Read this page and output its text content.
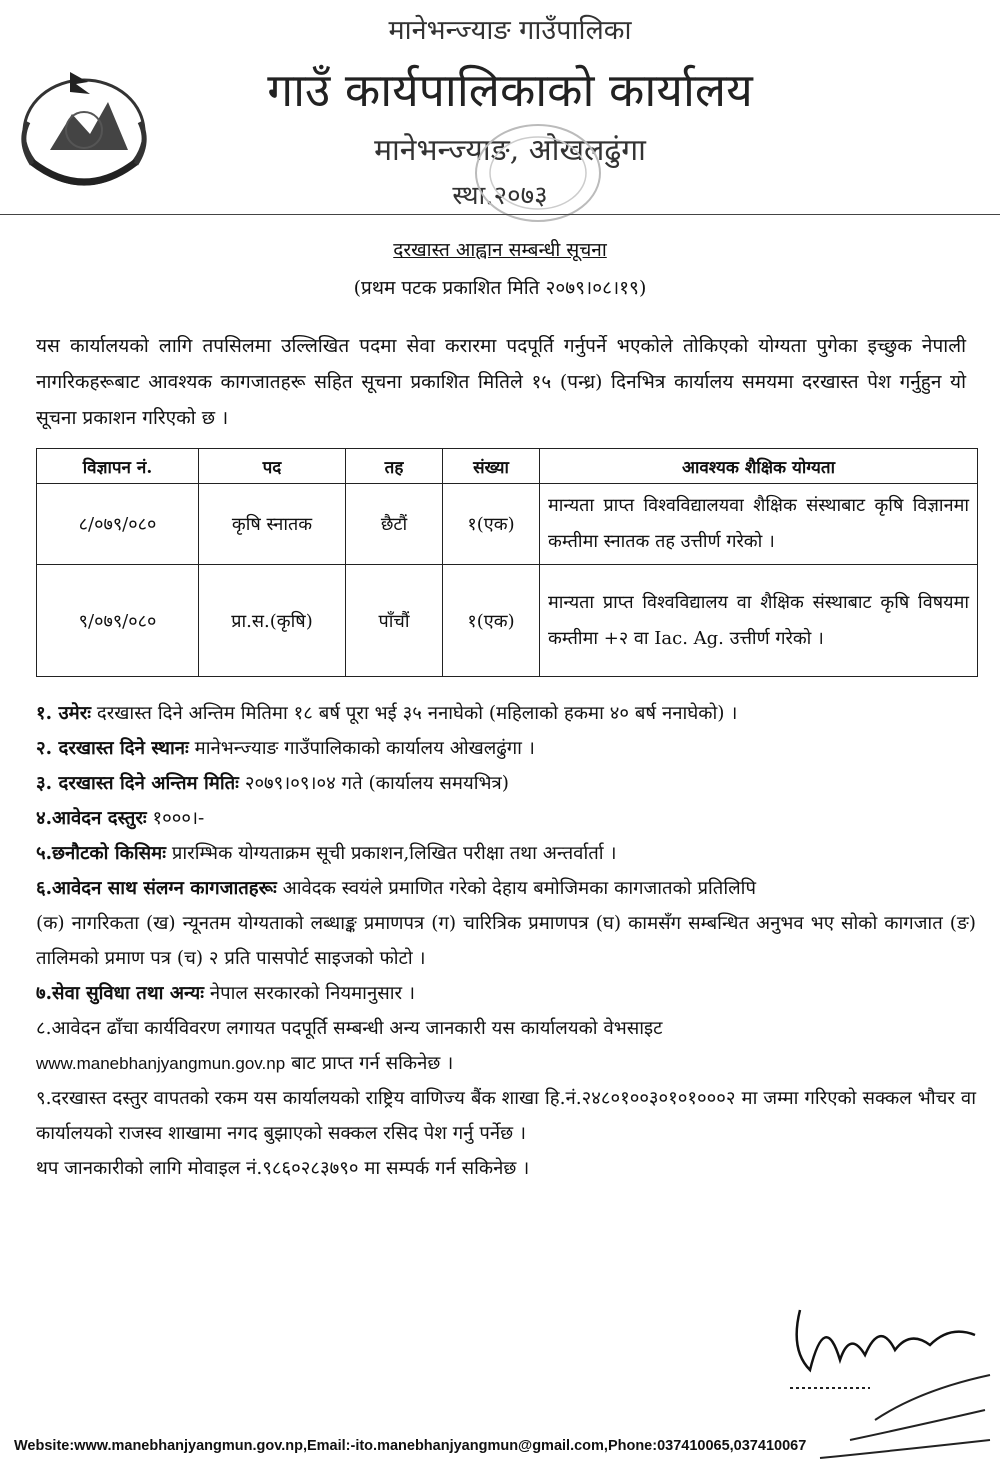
मानेभन्ज्याङ गाउँपालिका
गाउँ कार्यपालिकाको कार्यालय
मानेभन्ज्याङ, ओखलढुंगा
स्था.२०७३
दरखास्त आह्वान सम्बन्धी सूचना
(प्रथम पटक प्रकाशित मिति २०७९।०८।१९)
यस कार्यालयको लागि तपसिलमा उल्लिखित पदमा सेवा करारमा पदपूर्ति गर्नुपर्ने भएकोले तोकिएको योग्यता पुगेका इच्छुक नेपाली नागरिकहरूबाट आवश्यक कागजातहरू सहित सूचना प्रकाशित मितिले १५ (पन्ध्र) दिनभित्र कार्यालय समयमा दरखास्त पेश गर्नुहुन यो सूचना प्रकाशन गरिएको छ ।
विज्ञापन नं.	पद	तह	संख्या	आवश्यक शैक्षिक योग्यता
८/०७९/०८०	कृषि स्नातक	छैटौं	१(एक)	मान्यता प्राप्त विश्वविद्यालयवा शैक्षिक संस्थाबाट कृषि विज्ञानमा कम्तीमा स्नातक तह उत्तीर्ण गरेको ।
९/०७९/०८०	प्रा.स.(कृषि)	पाँचौं	१(एक)	मान्यता प्राप्त विश्वविद्यालय वा शैक्षिक संस्थाबाट कृषि विषयमा कम्तीमा +२ वा Iac. Ag. उत्तीर्ण गरेको ।

१. उमेरः दरखास्त दिने अन्तिम मितिमा १८ बर्ष पूरा भई ३५ ननाघेको (महिलाको हकमा ४० बर्ष ननाघेको) ।

२. दरखास्त दिने स्थानः मानेभन्ज्याङ गाउँपालिकाको कार्यालय ओखलढुंगा ।

३. दरखास्त दिने अन्तिम मितिः २०७९।०९।०४ गते (कार्यालय समयभित्र)

४.आवेदन दस्तुरः १०००।-

५.छनौटको किसिमः प्रारम्भिक योग्यताक्रम सूची प्रकाशन,लिखित परीक्षा तथा अन्तर्वार्ता ।

६.आवेदन साथ संलग्न कागजातहरूः आवेदक स्वयंले प्रमाणित गरेको देहाय बमोजिमका कागजातको प्रतिलिपि

(क) नागरिकता (ख) न्यूनतम योग्यताको लब्धाङ्क प्रमाणपत्र (ग) चारित्रिक प्रमाणपत्र (घ) कामसँग सम्बन्धित अनुभव भए सोको कागजात (ङ) तालिमको प्रमाण पत्र (च) २ प्रति पासपोर्ट साइजको फोटो ।

७.सेवा सुविधा तथा अन्यः नेपाल सरकारको नियमानुसार ।

८.आवेदन ढाँचा कार्यविवरण लगायत पदपूर्ति सम्बन्धी अन्य जानकारी यस कार्यालयको वेभसाइट
www.manebhanjyangmun.gov.np बाट प्राप्त गर्न सकिनेछ ।

९.दरखास्त दस्तुर वापतको रकम यस कार्यालयको राष्ट्रिय वाणिज्य बैंक शाखा हि.नं.२४८०१००३०१०१०००२ मा जम्मा गरिएको सक्कल भौचर वा कार्यालयको राजस्व शाखामा नगद बुझाएको सक्कल रसिद पेश गर्नु पर्नेछ ।

थप जानकारीको लागि मोवाइल नं.९८६०२८३७९० मा सम्पर्क गर्न सकिनेछ ।

Website:www.manebhanjyangmun.gov.np,Email:-ito.manebhanjyangmun@gmail.com,Phone:037410065,037410067
